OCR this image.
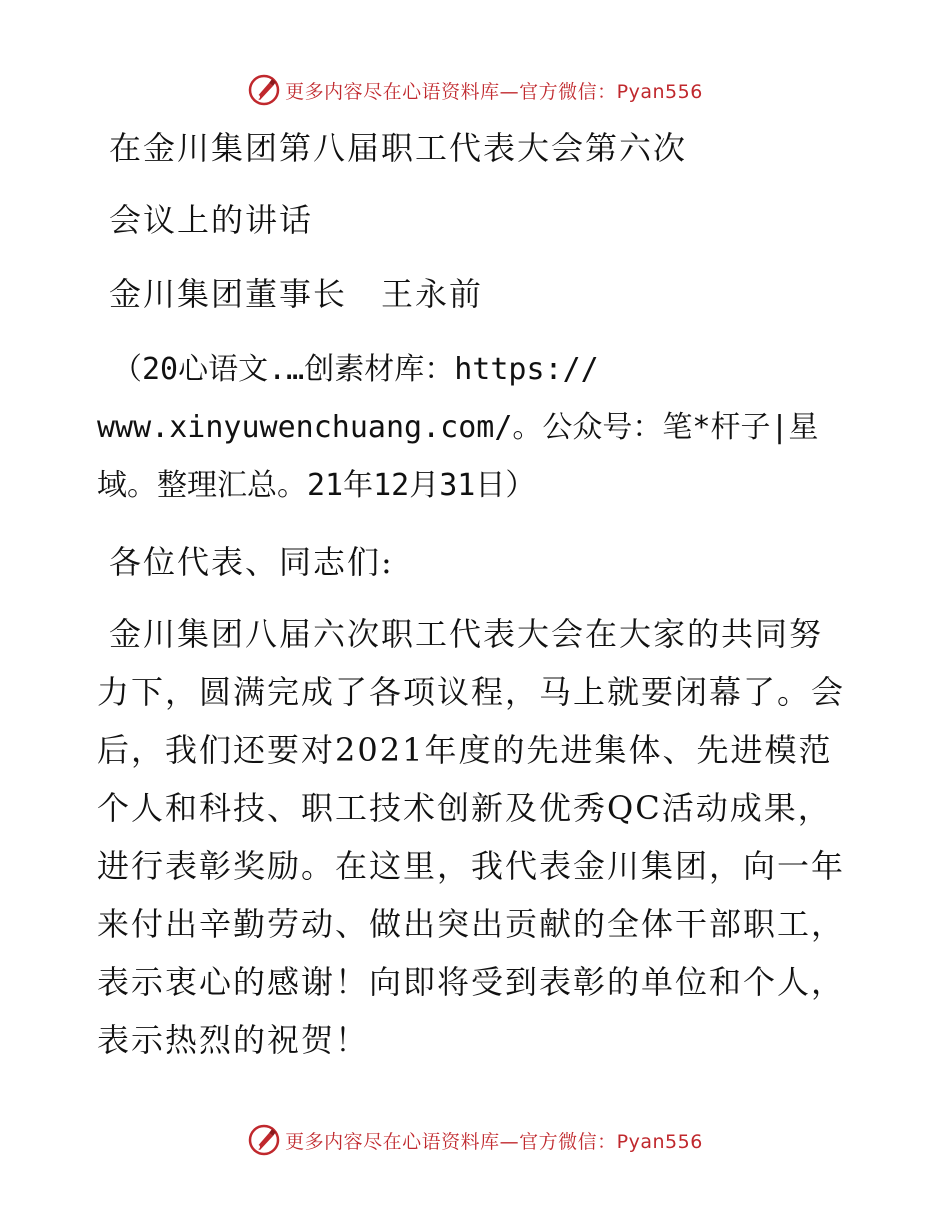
更多内容尽在心语资料库—官方微信：Pyan556
在金川集团第八届职工代表大会第六次
会议上的讲话
金川集团董事长　王永前
（20心语文.…创素材库：https://
www.xinyuwenchuang.com/。公众号：笔*杆子|星
域。整理汇总。21年12月31日）
各位代表、同志们:
金川集团八届六次职工代表大会在大家的共同努
力下，圆满完成了各项议程，马上就要闭幕了。会
后，我们还要对2021年度的先进集体、先进模范
个人和科技、职工技术创新及优秀QC活动成果，
进行表彰奖励。在这里，我代表金川集团，向一年
来付出辛勤劳动、做出突出贡献的全体干部职工，
表示衷心的感谢！向即将受到表彰的单位和个人，
表示热烈的祝贺！
更多内容尽在心语资料库—官方微信：Pyan556
